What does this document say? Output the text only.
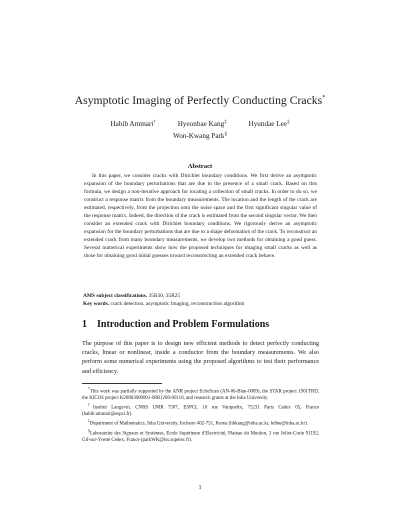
Asymptotic Imaging of Perfectly Conducting Cracks*
Habib Ammari†	Hyeonbae Kang‡	Hyundae Lee‡
Won-Kwang Park§
Abstract

In this paper, we consider cracks with Dirichlet boundary conditions. We first derive an asymptotic expansion of the boundary perturbations that are due to the presence of a small crack. Based on this formula, we design a non-iterative approach for locating a collection of small cracks. In order to do so, we construct a response matrix from the boundary measurements. The location and the length of the crack are estimated, respectively, from the projection onto the noise space and the first significant singular value of the response matrix. Indeed, the direction of the crack is estimated from the second singular vector. We then consider an extended crack with Dirichlet boundary conditions. We rigorously derive an asymptotic expansion for the boundary perturbations that are due to a shape deformation of the crack. To reconstruct an extended crack from many boundary measurements, we develop two methods for obtaining a good guess. Several numerical experiments show how the proposed techniques for imaging small cracks as well as those for obtaining good initial guesses toward reconstructing an extended crack behave.

AMS subject classifications. 35B30, 35R25
Key words. crack detection, asymptotic imaging, reconstruction algorithm
1 Introduction and Problem Formulations

The purpose of this paper is to design new efficient methods to detect perfectly conducting cracks, linear or nonlinear, inside a conductor from the boundary measurements. We also perform some numerical experiments using the proposed algorithms to test their performance and efficiency.

*This work was partially supported by the ANR project EchoScan (AN-06-Blan-0089), the STAR project 1901TRD, the KICOS project K20803000001-08B1200-00110, and research grants at the Inha University.

†Institut Langevin, CNRS UMR 7587, ESPCI, 10 rue Vauquelin, 75231 Paris Cedex 05, France (habib.ammari@espci.fr).

‡Department of Mathematics, Inha University, Incheon 402-751, Korea (hbkang@inha.ac.kr, hdlee@inha.ac.kr).

§Laboratoire des Signaux et Systèmes, Ecole Supérieure d'Electricité, Plateau du Moulon, 3 rue Joliot-Curie 91192, Gif-sur-Yvette Cedex, France (parkWK@lss.supelec.fr).

1
